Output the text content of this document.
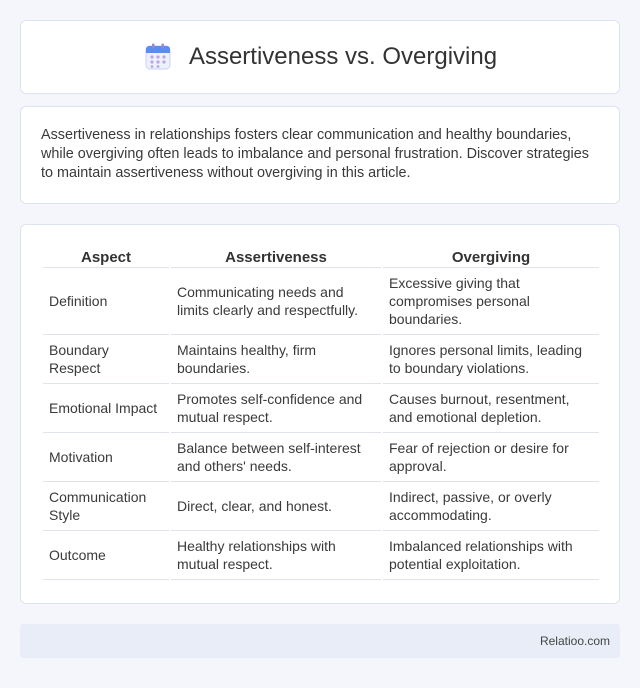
Assertiveness vs. Overgiving

Assertiveness in relationships fosters clear communication and healthy boundaries, while overgiving often leads to imbalance and personal frustration. Discover strategies to maintain assertiveness without overgiving in this article.

Aspect	Assertiveness	Overgiving
Definition	Communicating needs and limits clearly and respectfully.	Excessive giving that compromises personal boundaries.
Boundary Respect	Maintains healthy, firm boundaries.	Ignores personal limits, leading to boundary violations.
Emotional Impact	Promotes self-confidence and mutual respect.	Causes burnout, resentment, and emotional depletion.
Motivation	Balance between self-interest and others' needs.	Fear of rejection or desire for approval.
Communication Style	Direct, clear, and honest.	Indirect, passive, or overly accommodating.
Outcome	Healthy relationships with mutual respect.	Imbalanced relationships with potential exploitation.
Relatioo.com
